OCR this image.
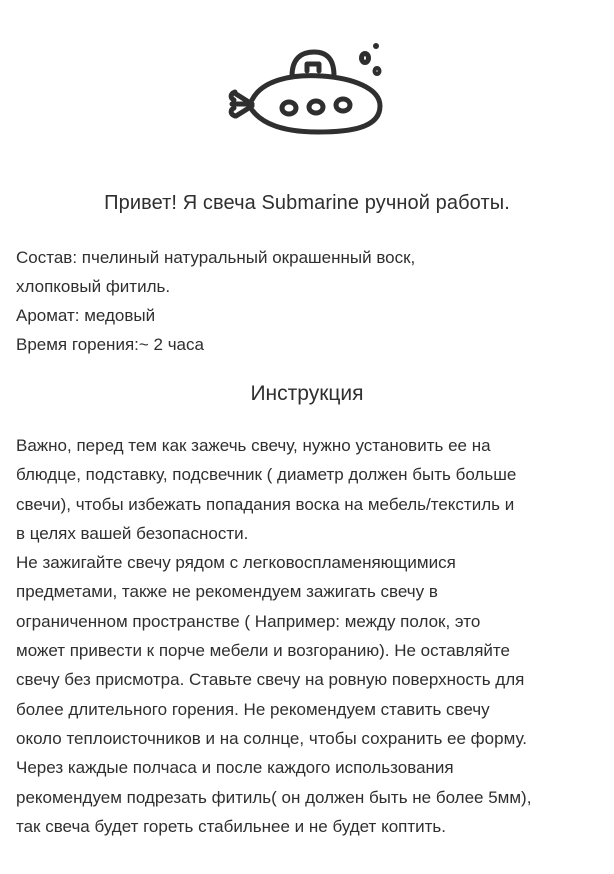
Привет! Я свеча Submarine ручной работы.
Состав: пчелиный натуральный окрашенный воск,
хлопковый фитиль.
Аромат: медовый
Время горения:~ 2 часа
Инструкция
Важно, перед тем как зажечь свечу, нужно установить ее на
блюдце, подставку, подсвечник ( диаметр должен быть больше
свечи), чтобы избежать попадания воска на мебель/текстиль и
в целях вашей безопасности.
Не зажигайте свечу рядом с легковоспламеняющимися
предметами, также не рекомендуем зажигать свечу в
ограниченном пространстве ( Например: между полок, это
может привести к порче мебели и возгоранию). Не оставляйте
свечу без присмотра. Ставьте свечу на ровную поверхность для
более длительного горения. Не рекомендуем ставить свечу
около теплоисточников и на солнце, чтобы сохранить ее форму.
Через каждые полчаса и после каждого использования
рекомендуем подрезать фитиль( он должен быть не более 5мм),
так свеча будет гореть стабильнее и не будет коптить.
